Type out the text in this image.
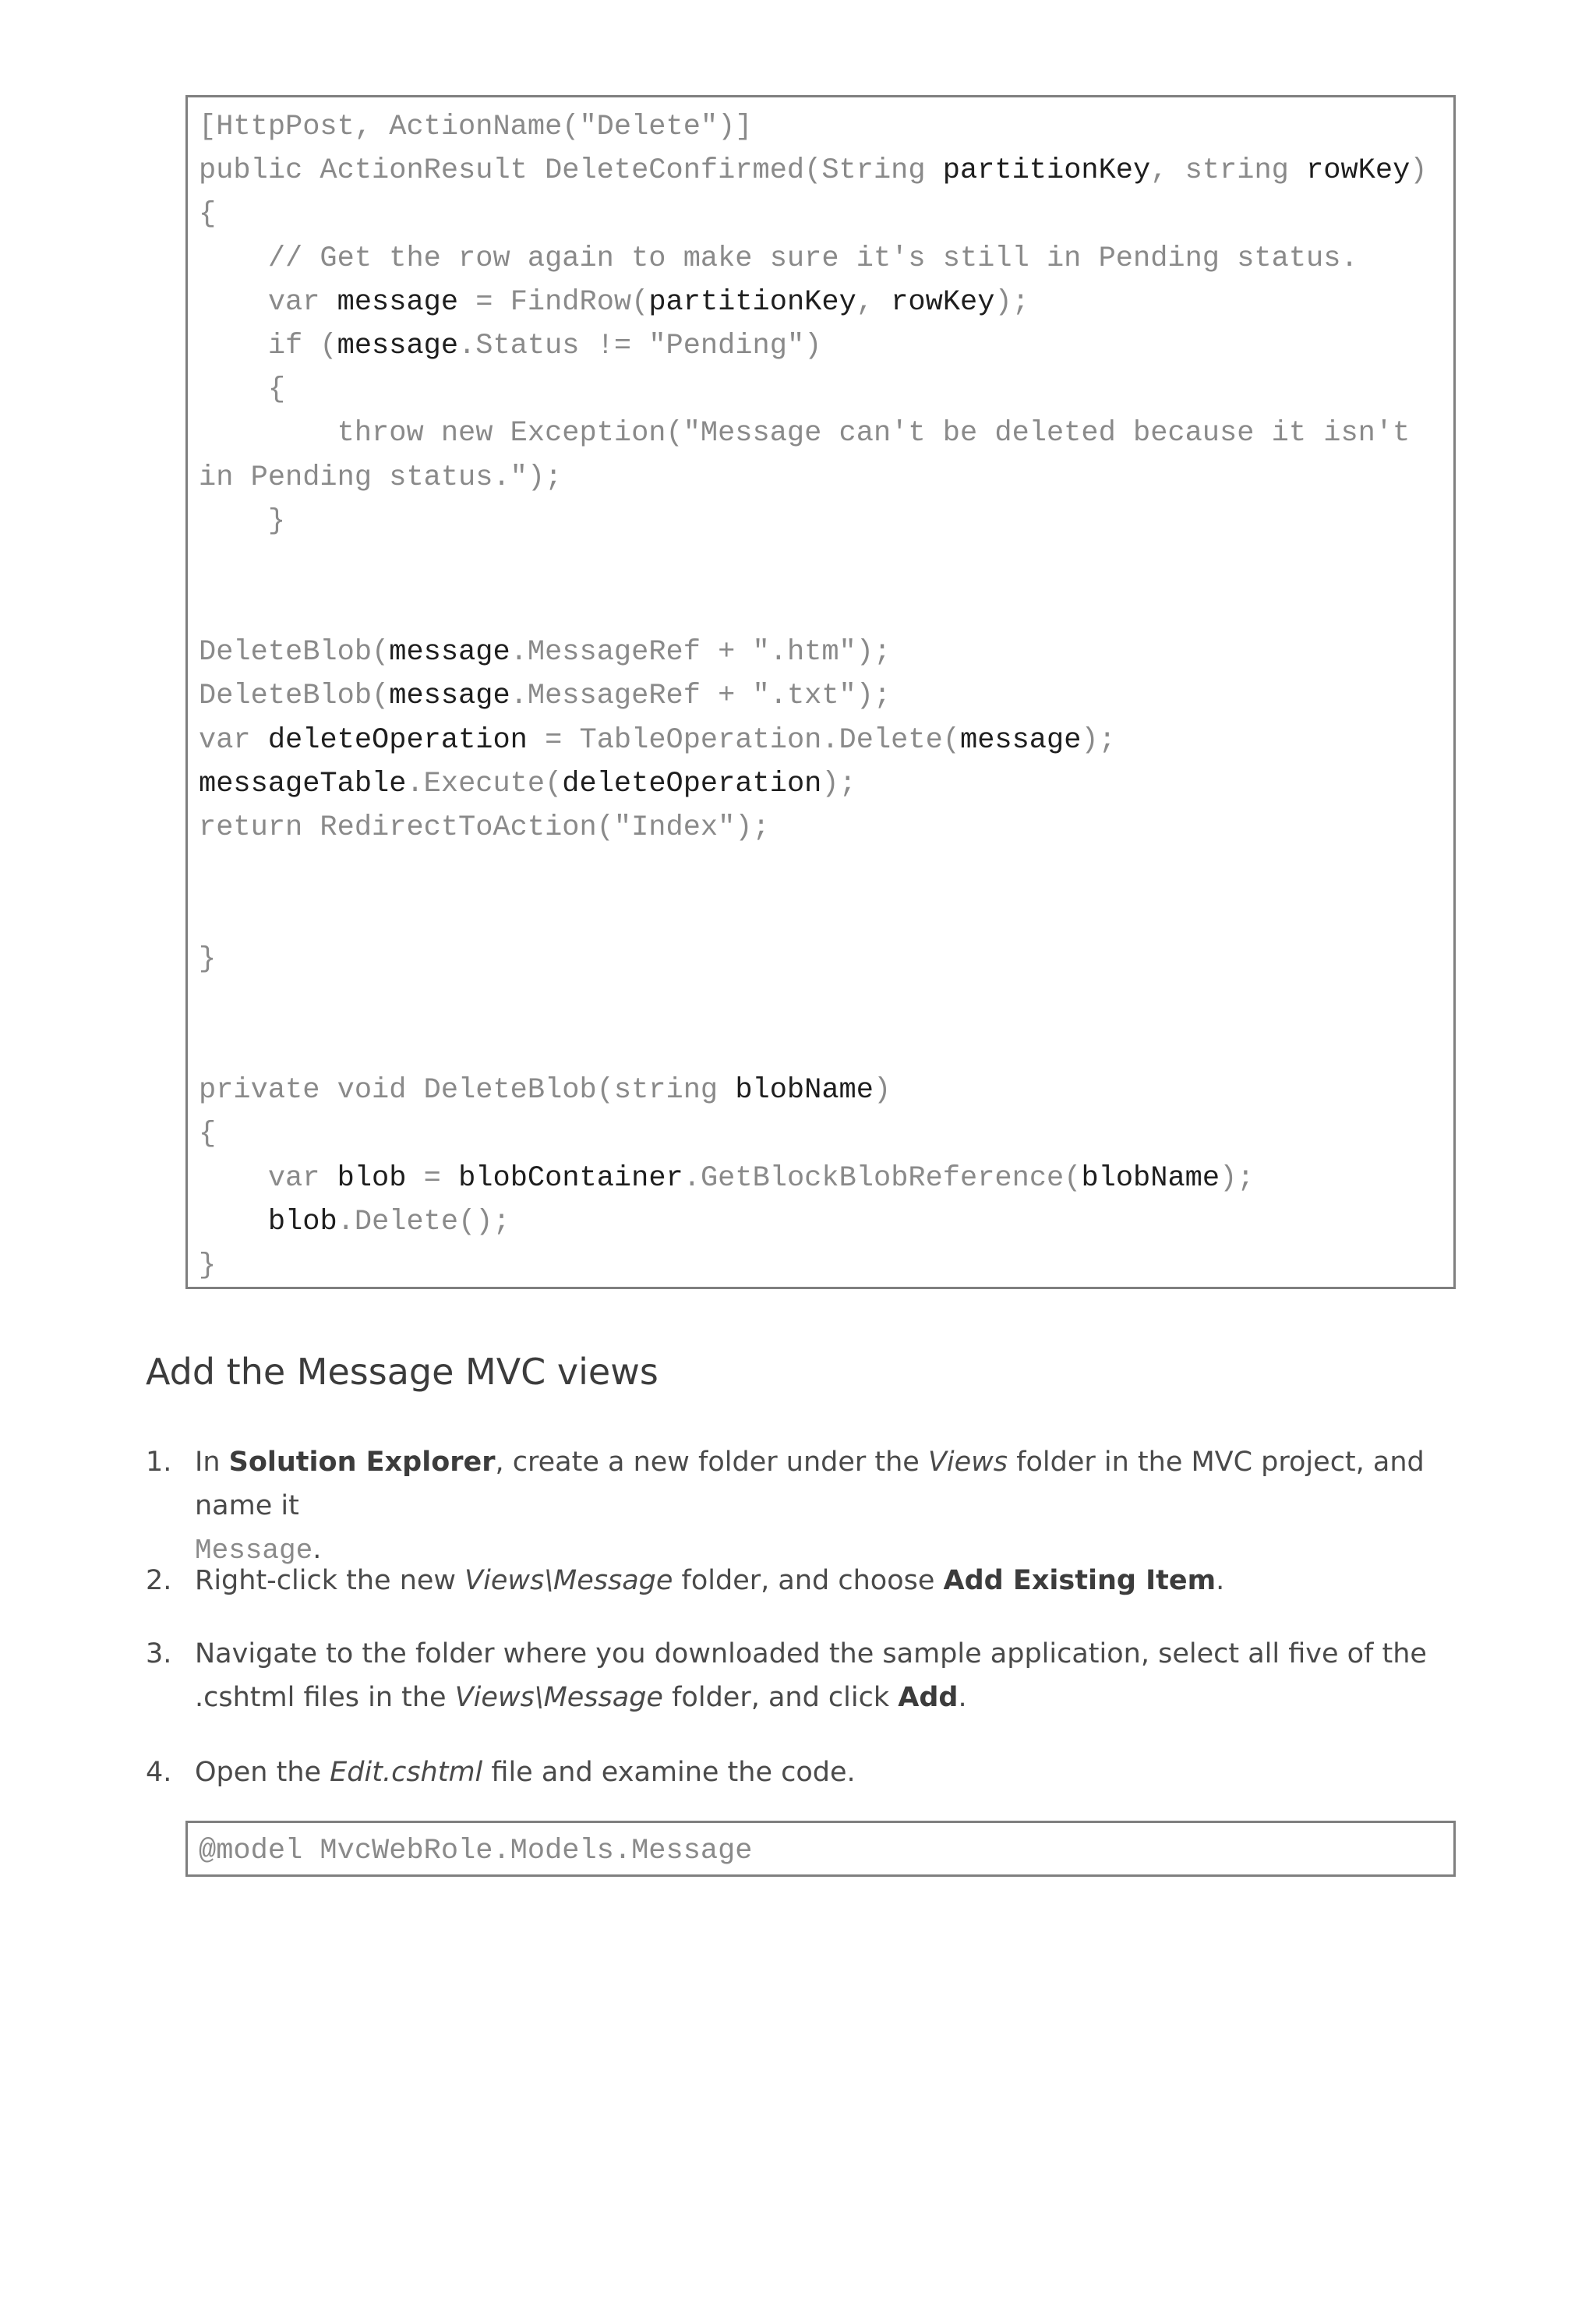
[HttpPost, ActionName("Delete")]
public ActionResult DeleteConfirmed(String partitionKey, string rowKey)
{
// Get the row again to make sure it's still in Pending status.
var message = FindRow(partitionKey, rowKey);
if (message.Status != "Pending")
{
throw new Exception("Message can't be deleted because it isn't
in Pending status.");
}
DeleteBlob(message.MessageRef + ".htm");
DeleteBlob(message.MessageRef + ".txt");
var deleteOperation = TableOperation.Delete(message);
messageTable.Execute(deleteOperation);
return RedirectToAction("Index");
}
private void DeleteBlob(string blobName)
{
var blob = blobContainer.GetBlockBlobReference(blobName);
blob.Delete();
}
Add the Message MVC views
1. In Solution Explorer, create a new folder under the Views folder in the MVC project, and name it
Message.
2. Right-click the new Views\Message folder, and choose Add Existing Item.
3. Navigate to the folder where you downloaded the sample application, select all five of the
.cshtml files in the Views\Message folder, and click Add.
4. Open the Edit.cshtml file and examine the code.
@model MvcWebRole.Models.Message
